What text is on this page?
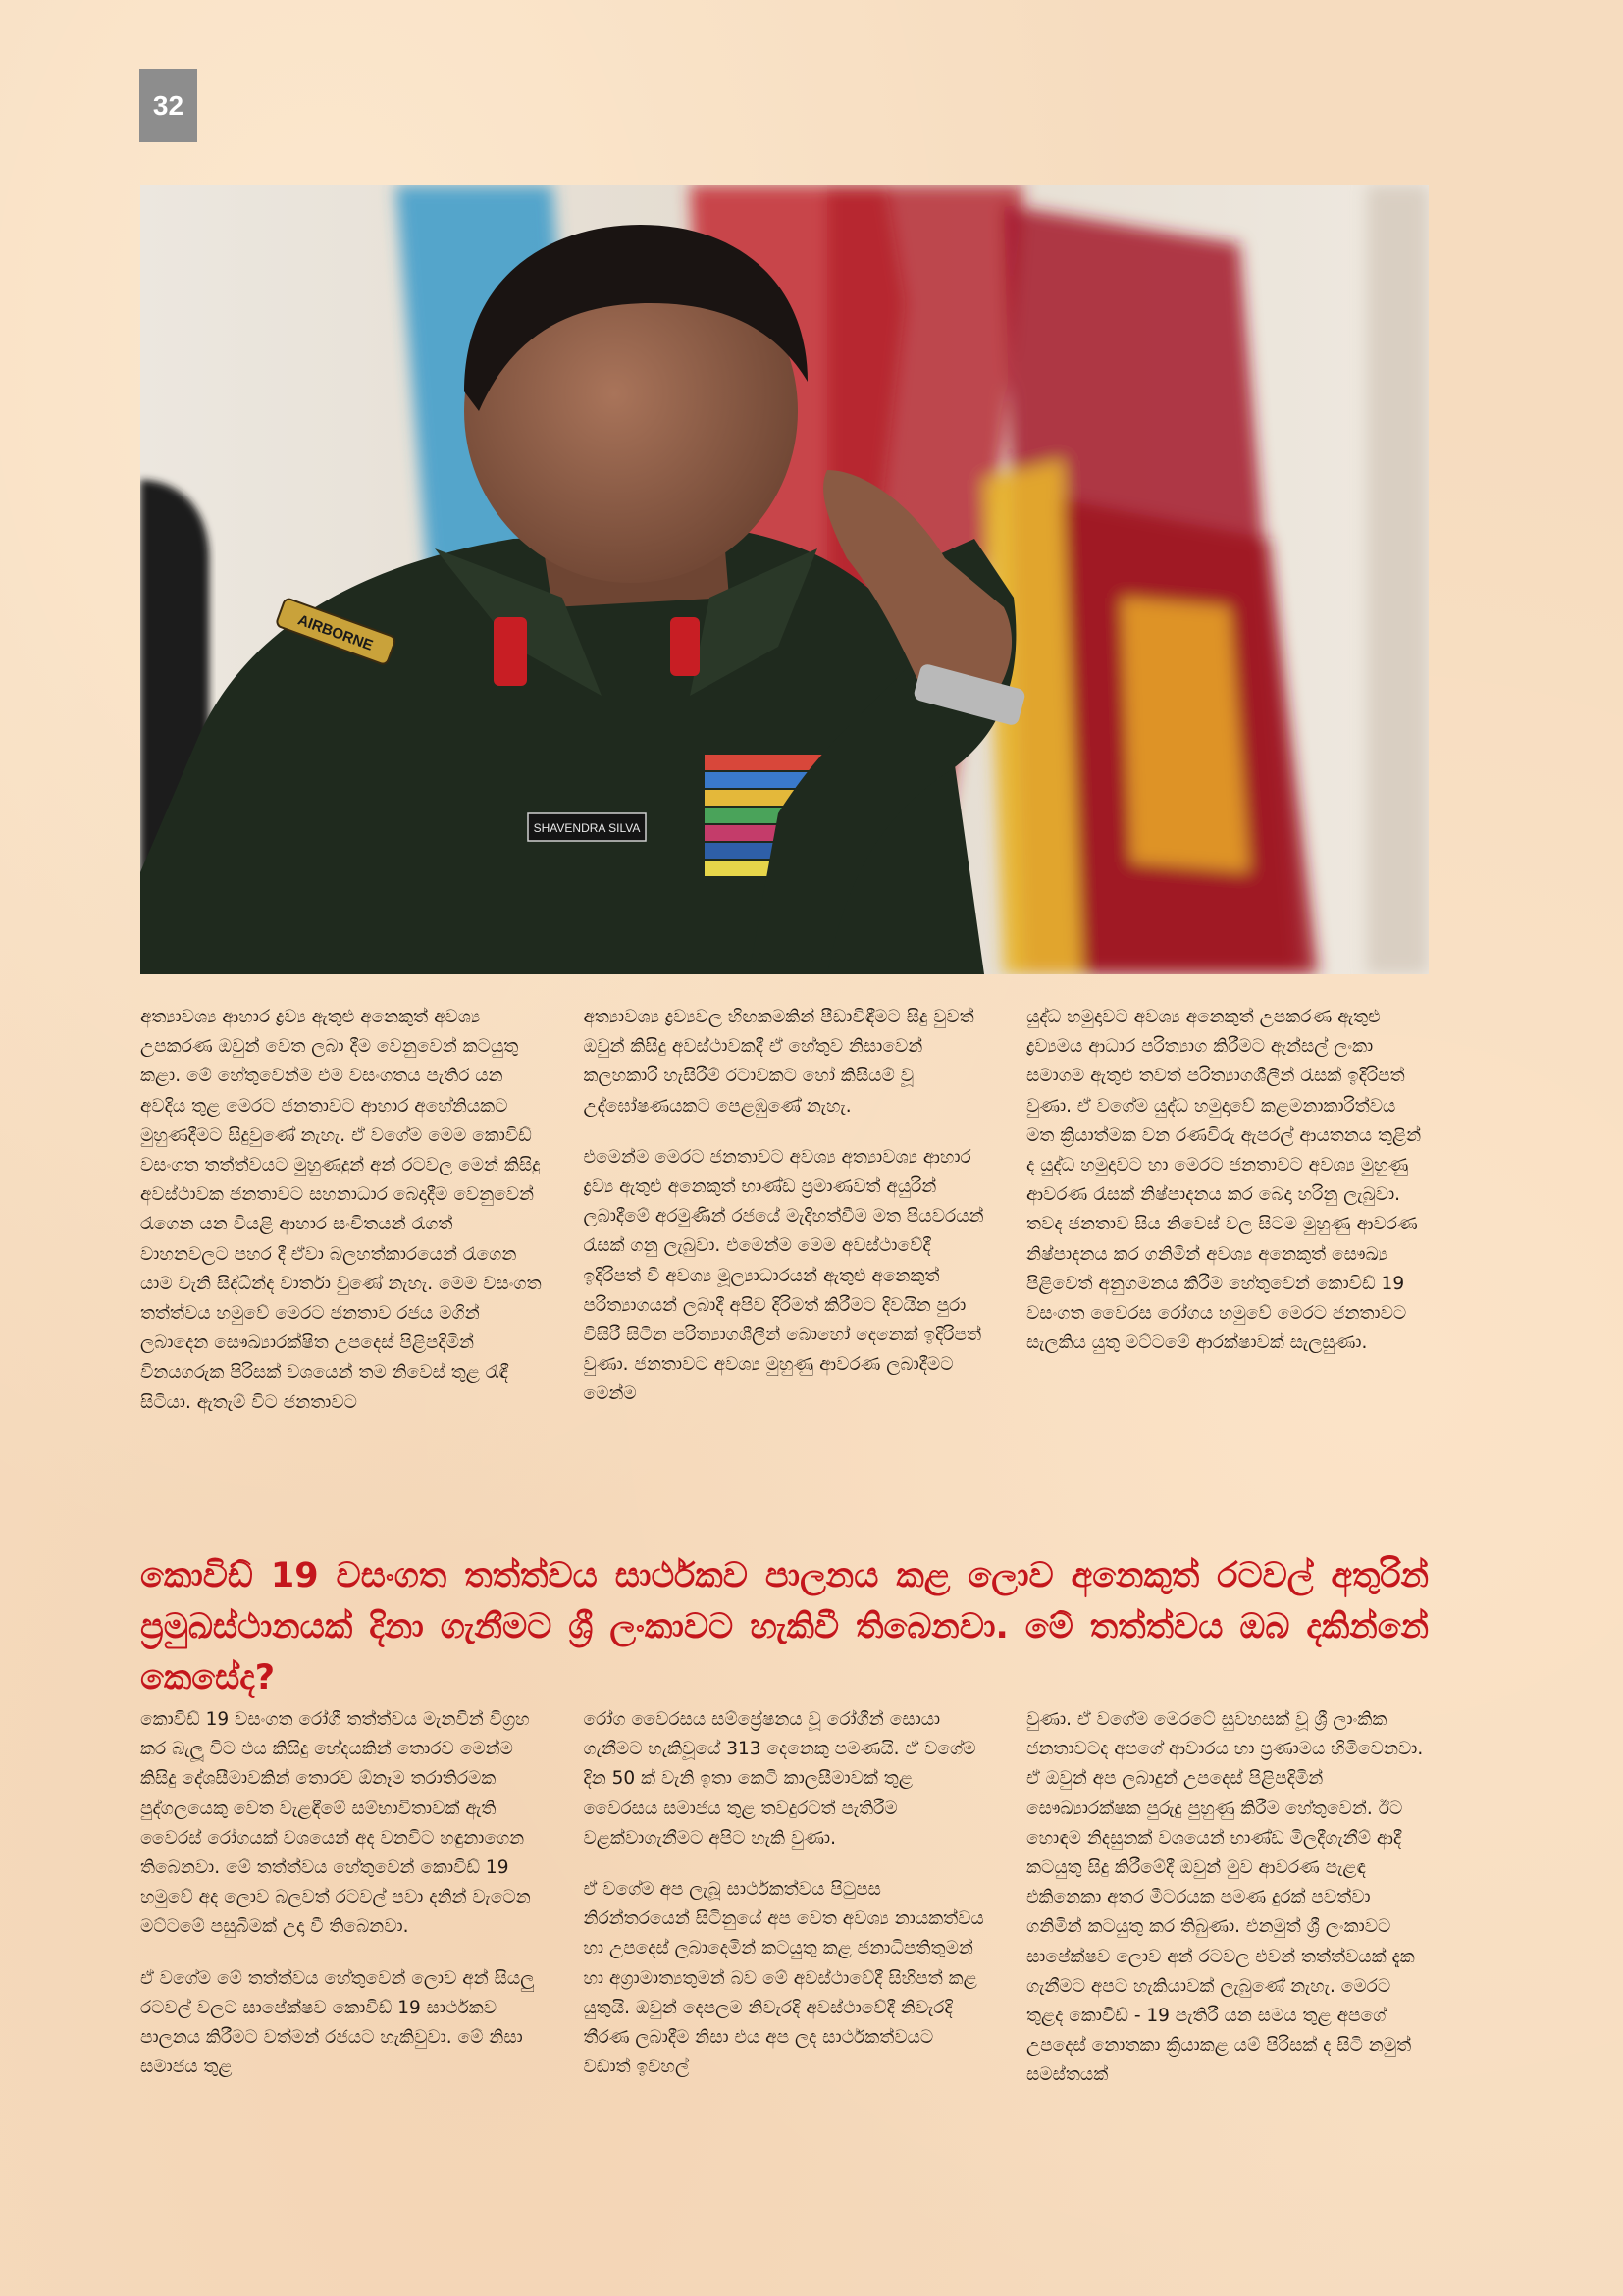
32
AIRBORNE
SHAVENDRA SILVA

අත්‍යාවශ්‍ය ආහාර ද්‍රව්‍ය ඇතුළු අනෙකුත් අවශ්‍ය උපකරණ ඔවුන් වෙත ලබා දීම වෙනුවෙන් කටයුතු කළා. මේ හේතුවෙන්ම එම වසංගතය පැතිර යන අවදිය තුළ මෙරට ජනතාවට ආහාර අහේනියකට මුහුණදීමට සිදුවුණේ නැහැ. ඒ වගේම මෙම කොවිඩ් වසංගත තත්ත්වයට මුහුණදුන් අන් රටවල මෙන් කිසිදු අවස්ථාවක ජනතාවට සහනාධාර බෙදාදීම වෙනුවෙන් රැගෙන යන වියළි ආහාර සංචිතයන් රැගත් වාහනවලට පහර දී ඒවා බලහත්කාරයෙන් රැගෙන යාම වැනි සිද්ධීන්ද වාර්තා වුණේ නැහැ. මෙම වසංගත තත්ත්වය හමුවේ මෙරට ජනතාව රජය මගින් ලබාදෙන සෞඛ්‍යාරක්ෂිත උපදෙස් පිළිපදිමින් විනයගරුක පිරිසක් වශයෙන් තම නිවෙස් තුළ රැඳී සිටියා. ඇතැම් විට ජනතාවට

අත්‍යාවශ්‍ය ද්‍රව්‍යවල හිඟකමකින් පීඩාවිඳීමට සිදු වුවත් ඔවුන් කිසිදු අවස්ථාවකදී ඒ හේතුව නිසාවෙන් කලහකාරී හැසිරීම් රටාවකට හෝ කිසියම් වූ උද්ඝෝෂණයකට පෙළඹුණේ නැහැ.

එමෙන්ම මෙරට ජනතාවට අවශ්‍ය අත්‍යාවශ්‍ය ආහාර ද්‍රව්‍ය ඇතුළු අනෙකුත් භාණ්ඩ ප්‍රමාණවත් අයුරින් ලබාදීමේ අරමුණින් රජයේ මැදිහත්වීම මත පියවරයන් රැසක් ගනු ලැබුවා. එමෙන්ම මෙම අවස්ථාවේදී ඉදිරිපත් වී අවශ්‍ය මූල්‍යාධාරයන් ඇතුළු අනෙකුත් පරිත්‍යාගයන් ලබාදී අපිව දිරිමත් කිරීමට දිවයින පුරා විසිරී සිටින පරිත්‍යාගශීලීන් බොහෝ දෙනෙක් ඉදිරිපත් වුණා. ජනතාවට අවශ්‍ය මුහුණු ආවරණ ලබාදීමට මෙන්ම

යුද්ධ හමුදාවට අවශ්‍ය අනෙකුත් උපකරණ ඇතුළු ද්‍රව්‍යමය ආධාර පරිත්‍යාග කිරීමට ඇන්සල් ලංකා සමාගම ඇතුළු තවත් පරිත්‍යාගශීලීන් රැසක් ඉදිරිපත් වුණා. ඒ වගේම යුද්ධ හමුදාවේ කළමනාකාරිත්වය මත ක්‍රියාත්මක වන රණවිරු ඇපරල් ආයතනය තුළින් ද යුද්ධ හමුදාවට හා මෙරට ජනතාවට අවශ්‍ය මුහුණු ආවරණ රැසක් නිෂ්පාදනය කර බෙදා හරිනු ලැබුවා. තවද ජනතාව සිය නිවෙස් වල සිටම මුහුණු ආවරණ නිෂ්පාදනය කර ගනිමින් අවශ්‍ය අනෙකුත් සෞඛ්‍ය පිළිවෙත් අනුගමනය කිරීම හේතුවෙන් කොවිඩ් 19 වසංගත වෛරස රෝගය හමුවේ මෙරට ජනතාවට සැලකිය යුතු මට්ටමේ ආරක්ෂාවක් සැලසුණා.

කොවිඩ් 19 වසංගත තත්ත්වය සාර්ථකව පාලනය කළ ලොව අනෙකුත් රටවල් අතුරින් ප්‍රමුඛස්ථානයක් දිනා ගැනීමට ශ්‍රී ලංකාවට හැකිවී තිබෙනවා. මේ තත්ත්වය ඔබ දකින්නේ කෙසේද?

කොවිඩ් 19 වසංගත රෝගී තත්ත්වය මැනවින් විග්‍රහ කර බැලූ විට එය කිසිදු භේදයකින් තොරව මෙන්ම කිසිදු දේශසීමාවකින් තොරව ඕනෑම තරාතිරමක පුද්ගලයෙකු වෙත වැළඳීමේ සම්භාවිතාවක් ඇති වෛරස් රෝගයක් වශයෙන් අද වනවිට හඳුනාගෙන තිබෙනවා. මේ තත්ත්වය හේතුවෙන් කොවිඩ් 19 හමුවේ අද ලොව බලවත් රටවල් පවා දනින් වැටෙන මට්ටමේ පසුබිමක් උදා වී තිබෙනවා.

ඒ වගේම මේ තත්ත්වය හේතුවෙන් ලොව අන් සියලු රටවල් වලට සාපේක්ෂව කොවිඩ් 19 සාර්ථකව පාලනය කිරීමට වත්මන් රජයට හැකිවුවා. මේ නිසා සමාජය තුළ

රෝග වෛරසය සම්ප්‍රේෂනය වූ රෝගීන් සොයා ගැනීමට හැකිවූයේ 313 දෙනෙකු පමණයි. ඒ වගේම දින 50 ක් වැනි ඉතා කෙටි කාලසීමාවක් තුළ වෛරසය සමාජය තුළ තවදුරටත් පැතිරීම වළක්වාගැනීමට අපිට හැකි වුණා.

ඒ වගේම අප ලැබූ සාර්ථකත්වය පිටුපස නිරන්තරයෙන් සිටිනුයේ අප වෙත අවශ්‍ය නායකත්වය හා උපදෙස් ලබාදෙමින් කටයුතු කළ ජනාධිපතිතුමන් හා අග්‍රාමාත්‍යතුමන් බව මේ අවස්ථාවේදී සිහිපත් කළ යුතුයි. ඔවුන් දෙපලම නිවැරදි අවස්ථාවේදී නිවැරදි තීරණ ලබාදීම නිසා එය අප ලද සාර්ථකත්වයට වඩාත් ඉවහල්

වුණා. ඒ වගේම මෙරටේ සුවහසක් වූ ශ්‍රී ලාංකික ජනතාවටද අපගේ ආචාරය හා ප්‍රණාමය හිමිවෙනවා. ඒ ඔවුන් අප ලබාදුන් උපදෙස් පිළිපදිමින් සෞඛ්‍යාරක්ෂක පුරුදු පුහුණු කිරීම හේතුවෙන්. ඊට හොඳම නිදසුනක් වශයෙන් භාණ්ඩ මිලදීගැනීම් ආදී කටයුතු සිදු කිරීමේදී ඔවුන් මුව ආවරණ පැළඳ එකිනෙකා අතර මීටරයක පමණ දුරක් පවත්වා ගනිමින් කටයුතු කර තිබුණා. එනමුත් ශ්‍රී ලංකාවට සාපේක්ෂව ලොව අන් රටවල එවන් තත්ත්වයක් දැක ගැනීමට අපට හැකියාවක් ලැබුණේ නැහැ. මෙරට තුළද කොවිඩ් - 19 පැතිරී යන සමය තුළ අපගේ උපදෙස් නොතකා ක්‍රියාකළ යම් පිරිසක් ද සිටි නමුත් සමස්තයක්
